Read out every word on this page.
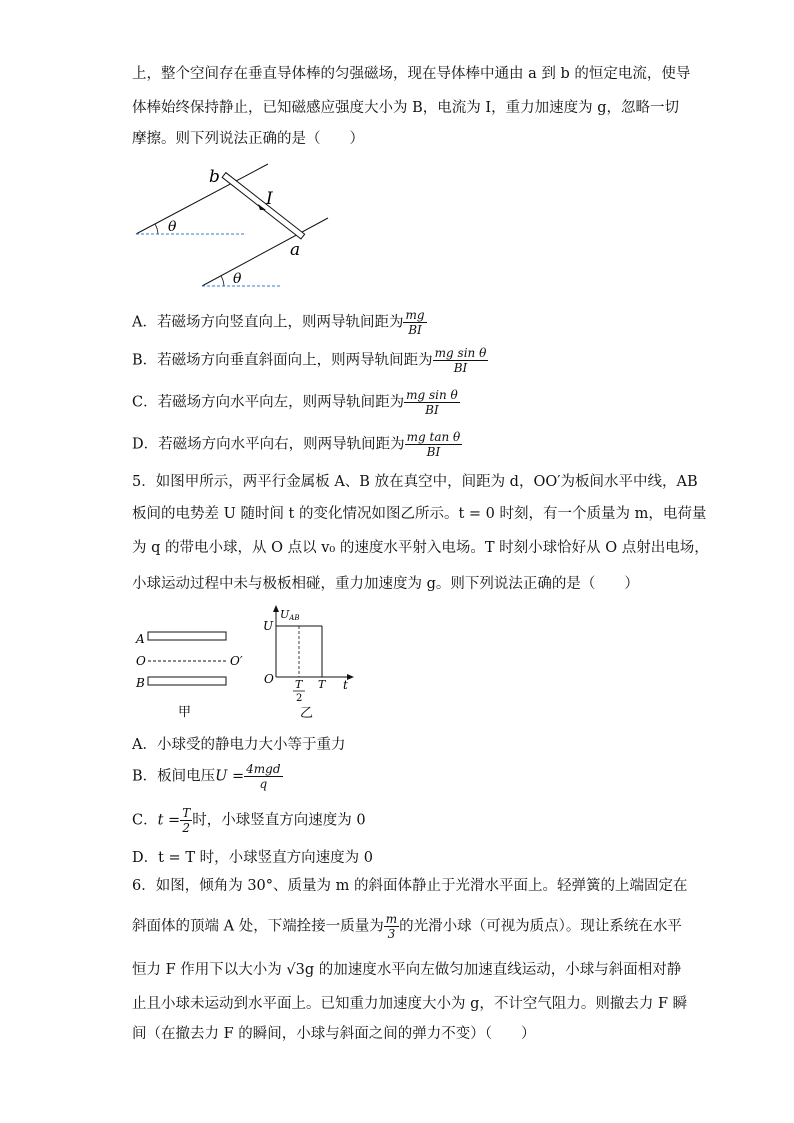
上，整个空间存在垂直导体棒的匀强磁场，现在导体棒中通由 a 到 b 的恒定电流，使导
体棒始终保持静止，已知磁感应强度大小为 B，电流为 I，重力加速度为 g，忽略一切
摩擦。则下列说法正确的是（　　）
b
I
a
θ
θ
A．若磁场方向竖直向上，则两导轨间距为 $\frac{mg}{BI}$
B．若磁场方向垂直斜面向上，则两导轨间距为 $\frac{\text{mg sin θ}}{BI}$
C．若磁场方向水平向左，则两导轨间距为 $\frac{\text{mg sin θ}}{BI}$
D．若磁场方向水平向右，则两导轨间距为 $\frac{\text{mg tan θ}}{BI}$
5．如图甲所示，两平行金属板 A、B 放在真空中，间距为 d，OO′为板间水平中线，AB
板间的电势差 U 随时间 t 的变化情况如图乙所示。t = 0 时刻，有一个质量为 m，电荷量
为 q 的带电小球，从 O 点以 v₀ 的速度水平射入电场。T 时刻小球恰好从 O 点射出电场，
小球运动过程中未与极板相碰，重力加速度为 g。则下列说法正确的是（　　）
A
O	O′
B
甲
UAB
U
O T
2
T t
乙
A．小球受的静电力大小等于重力
B．板间电压$U = \frac{\text{4mgd}}{q}$
C．$t = \frac{T}{2}$ 时，小球竖直方向速度为 0
D．t = T 时，小球竖直方向速度为 0
6．如图，倾角为 30°、质量为 m 的斜面体静止于光滑水平面上。轻弹簧的上端固定在
斜面体的顶端 A 处，下端拴接一质量为 $\frac{m}{3}$ 的光滑小球（可视为质点）。现让系统在水平
恒力 F 作用下以大小为 √3g 的加速度水平向左做匀加速直线运动，小球与斜面相对静
止且小球未运动到水平面上。已知重力加速度大小为 g，不计空气阻力。则撤去力 F 瞬
间（在撤去力 F 的瞬间，小球与斜面之间的弹力不变）（　　）
